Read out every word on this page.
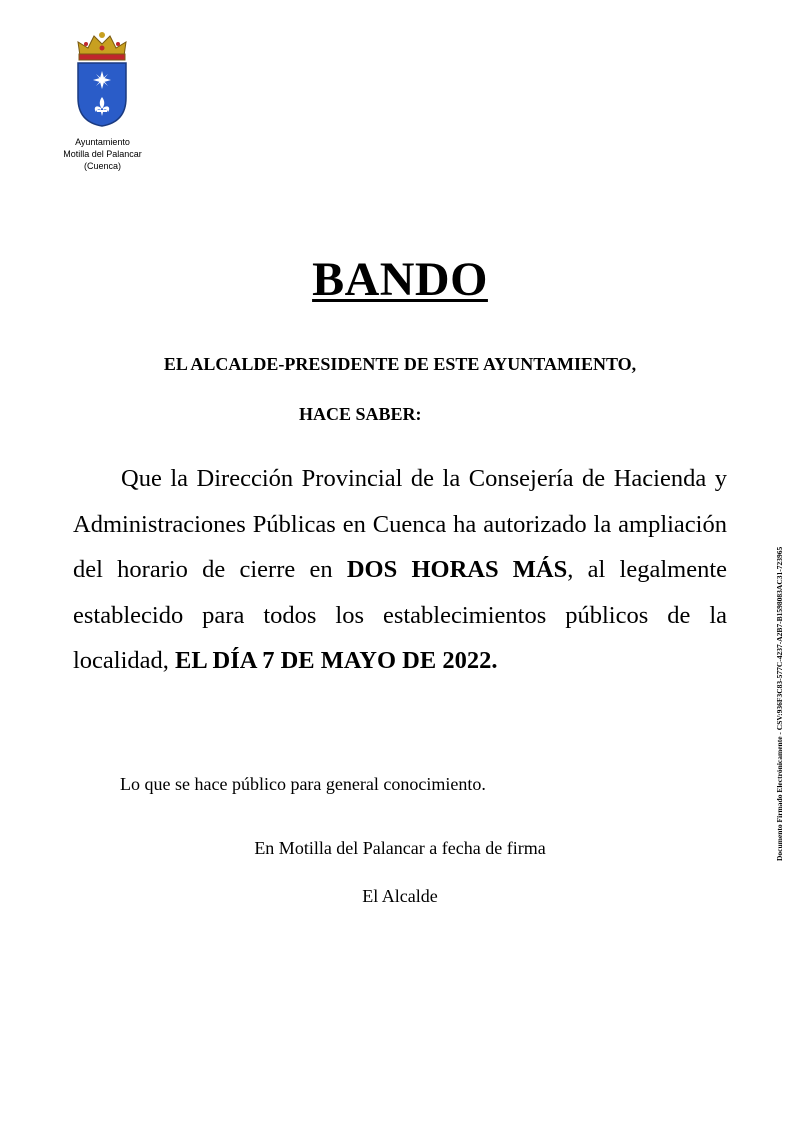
Ayuntamiento
Motilla del Palancar
(Cuenca)
BANDO
EL ALCALDE-PRESIDENTE DE ESTE AYUNTAMIENTO,
HACE SABER:
Que la Dirección Provincial de la Consejería de Hacienda y Administraciones Públicas en Cuenca ha autorizado la ampliación del horario de cierre en DOS HORAS MÁS, al legalmente establecido para todos los establecimientos públicos de la localidad, EL DÍA 7 DE MAYO DE 2022.
Lo que se hace público para general conocimiento.
En Motilla del Palancar a fecha de firma
El Alcalde
Documento Firmado Electrónicamente - CSV:936F3C83-577C-4237-A2B7-B1598083AC31-723965
